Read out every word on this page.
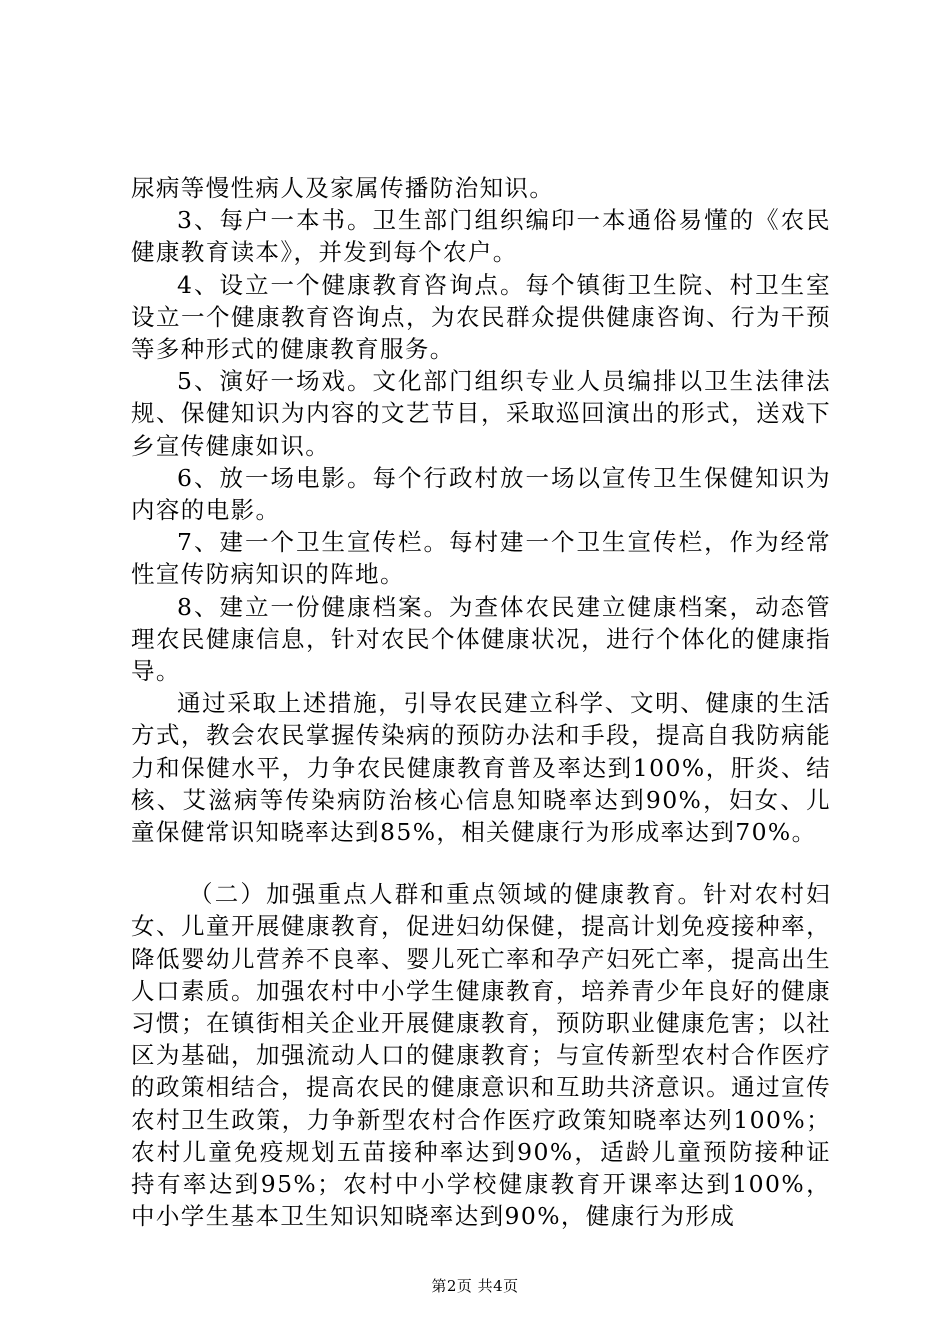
尿病等慢性病人及家属传播防治知识。

3、每户一本书。卫生部门组织编印一本通俗易懂的《农民健康教育读本》，并发到每个农户。

4、设立一个健康教育咨询点。每个镇街卫生院、村卫生室设立一个健康教育咨询点，为农民群众提供健康咨询、行为干预等多种形式的健康教育服务。

5、演好一场戏。文化部门组织专业人员编排以卫生法律法规、保健知识为内容的文艺节目，采取巡回演出的形式，送戏下乡宣传健康如识。

6、放一场电影。每个行政村放一场以宣传卫生保健知识为内容的电影。

7、建一个卫生宣传栏。每村建一个卫生宣传栏，作为经常性宣传防病知识的阵地。

8、建立一份健康档案。为查体农民建立健康档案，动态管理农民健康信息，针对农民个体健康状况，进行个体化的健康指导。

通过采取上述措施，引导农民建立科学、文明、健康的生活方式，教会农民掌握传染病的预防办法和手段，提高自我防病能力和保健水平，力争农民健康教育普及率达到100%，肝炎、结核、艾滋病等传染病防治核心信息知晓率达到90%，妇女、儿童保健常识知晓率达到85%，相关健康行为形成率达到70%。

（二）加强重点人群和重点领域的健康教育。针对农村妇女、儿童开展健康教育，促进妇幼保健，提高计划免疫接种率，降低婴幼儿营养不良率、婴儿死亡率和孕产妇死亡率，提高出生人口素质。加强农村中小学生健康教育，培养青少年良好的健康习惯；在镇街相关企业开展健康教育，预防职业健康危害；以社区为基础，加强流动人口的健康教育；与宣传新型农村合作医疗的政策相结合，提高农民的健康意识和互助共济意识。通过宣传农村卫生政策，力争新型农村合作医疗政策知晓率达列100%；农村儿童免疫规划五苗接种率达到90%，适龄儿童预防接种证持有率达到95%；农村中小学校健康教育开课率达到100%，中小学生基本卫生知识知晓率达到90%，健康行为形成

第2页 共4页
